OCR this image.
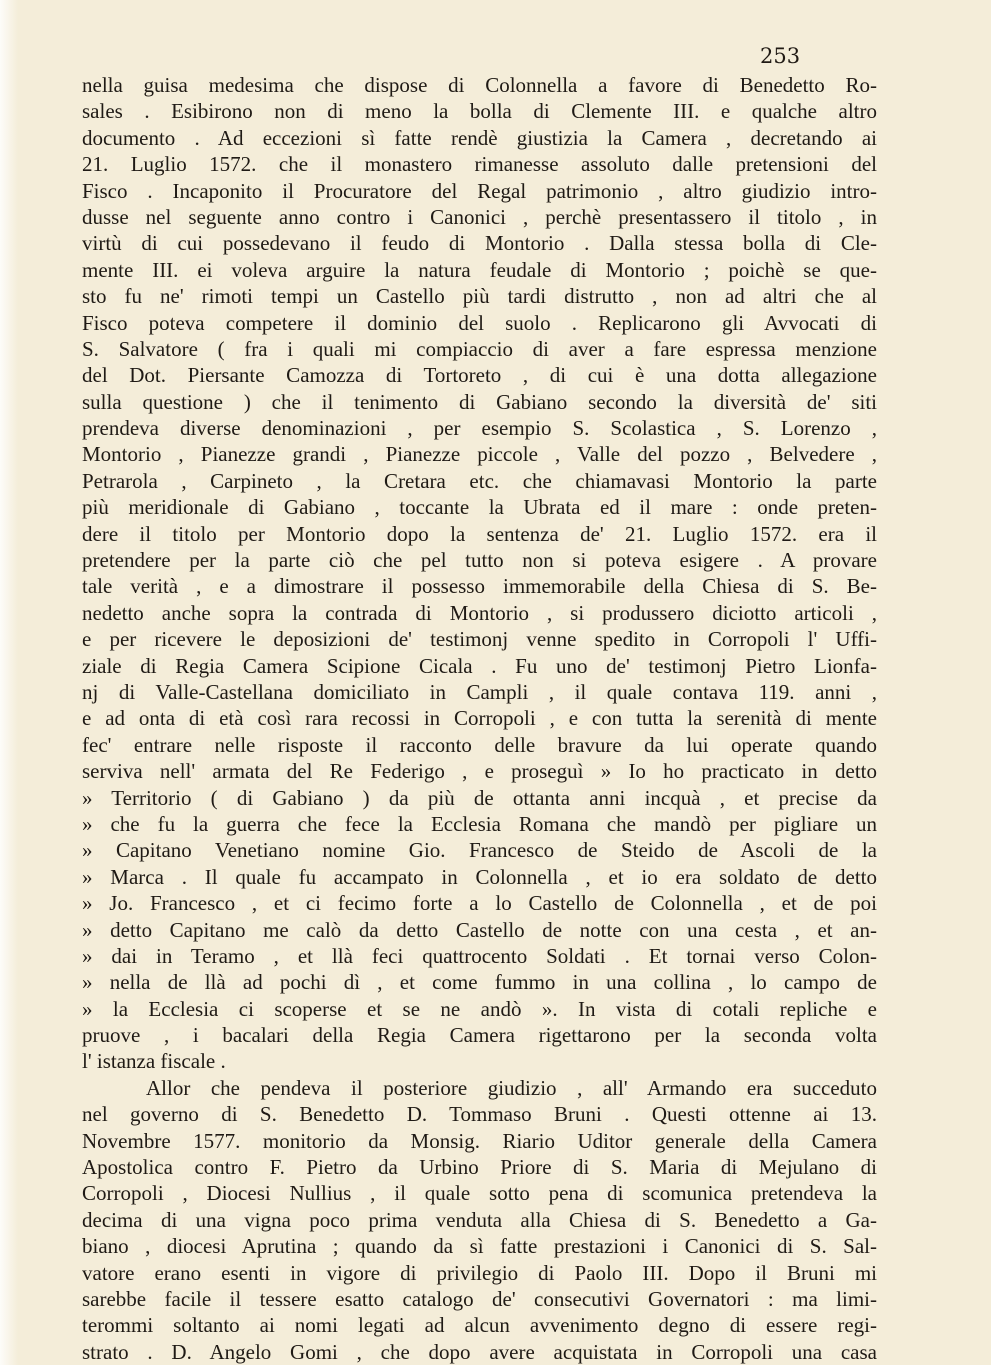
253
nella guisa medesima che dispose di Colonnella a favore di Benedetto Ro-
sales . Esibirono non di meno la bolla di Clemente III. e qualche altro
documento . Ad eccezioni sì fatte rendè giustizia la Camera , decretando ai
21. Luglio 1572. che il monastero rimanesse assoluto dalle pretensioni del
Fisco . Incaponito il Procuratore del Regal patrimonio , altro giudizio intro-
dusse nel seguente anno contro i Canonici , perchè presentassero il titolo , in
virtù di cui possedevano il feudo di Montorio . Dalla stessa bolla di Cle-
mente III. ei voleva arguire la natura feudale di Montorio ; poichè se que-
sto fu ne' rimoti tempi un Castello più tardi distrutto , non ad altri che al
Fisco poteva competere il dominio del suolo . Replicarono gli Avvocati di
S. Salvatore ( fra i quali mi compiaccio di aver a fare espressa menzione
del Dot. Piersante Camozza di Tortoreto , di cui è una dotta allegazione
sulla questione ) che il tenimento di Gabiano secondo la diversità de' siti
prendeva diverse denominazioni , per esempio S. Scolastica , S. Lorenzo ,
Montorio , Pianezze grandi , Pianezze piccole , Valle del pozzo , Belvedere ,
Petrarola , Carpineto , la Cretara etc. che chiamavasi Montorio la parte
più meridionale di Gabiano , toccante la Ubrata ed il mare : onde preten-
dere il titolo per Montorio dopo la sentenza de' 21. Luglio 1572. era il
pretendere per la parte ciò che pel tutto non si poteva esigere . A provare
tale verità , e a dimostrare il possesso immemorabile della Chiesa di S. Be-
nedetto anche sopra la contrada di Montorio , si produssero diciotto articoli ,
e per ricevere le deposizioni de' testimonj venne spedito in Corropoli l' Uffi-
ziale di Regia Camera Scipione Cicala . Fu uno de' testimonj Pietro Lionfa-
nj di Valle-Castellana domiciliato in Campli , il quale contava 119. anni ,
e ad onta di età così rara recossi in Corropoli , e con tutta la serenità di mente
fec' entrare nelle risposte il racconto delle bravure da lui operate quando
serviva nell' armata del Re Federigo , e proseguì » Io ho practicato in detto
» Territorio ( di Gabiano ) da più de ottanta anni incquà , et precise da
» che fu la guerra che fece la Ecclesia Romana che mandò per pigliare un
» Capitano Venetiano nomine Gio. Francesco de Steido de Ascoli de la
» Marca . Il quale fu accampato in Colonnella , et io era soldato de detto
» Jo. Francesco , et ci fecimo forte a lo Castello de Colonnella , et de poi
» detto Capitano me calò da detto Castello de notte con una cesta , et an-
» dai in Teramo , et llà feci quattrocento Soldati . Et tornai verso Colon-
» nella de llà ad pochi dì , et come fummo in una collina , lo campo de
» la Ecclesia ci scoperse et se ne andò ». In vista di cotali repliche e
pruove , i bacalari della Regia Camera rigettarono per la seconda volta
l' istanza fiscale .
Allor che pendeva il posteriore giudizio , all' Armando era succeduto
nel governo di S. Benedetto D. Tommaso Bruni . Questi ottenne ai 13.
Novembre 1577. monitorio da Monsig. Riario Uditor generale della Camera
Apostolica contro F. Pietro da Urbino Priore di S. Maria di Mejulano di
Corropoli , Diocesi Nullius , il quale sotto pena di scomunica pretendeva la
decima di una vigna poco prima venduta alla Chiesa di S. Benedetto a Ga-
biano , diocesi Aprutina ; quando da sì fatte prestazioni i Canonici di S. Sal-
vatore erano esenti in vigore di privilegio di Paolo III. Dopo il Bruni mi
sarebbe facile il tessere esatto catalogo de' consecutivi Governatori : ma limi-
terommi soltanto ai nomi legati ad alcun avvenimento degno di essere regi-
strato . D. Angelo Gomi , che dopo avere acquistata in Corropoli una casa
